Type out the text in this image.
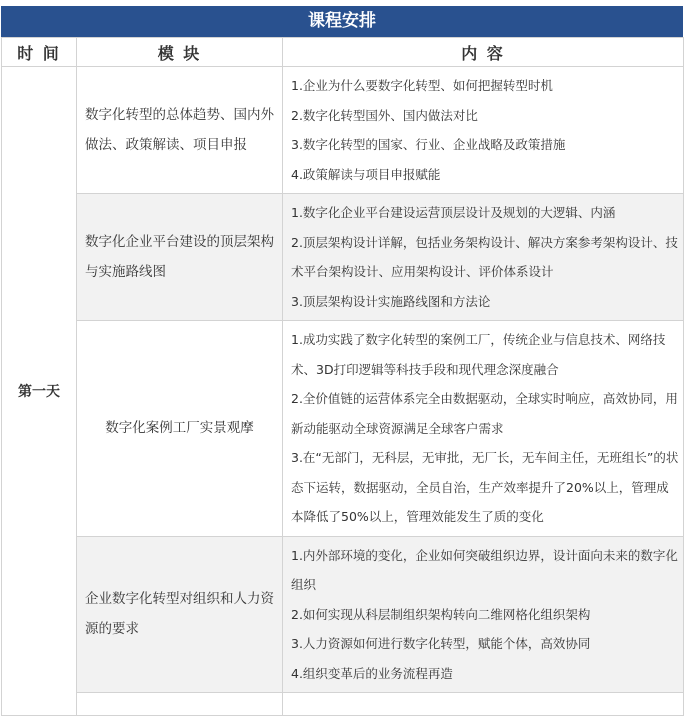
课程安排
时 间	模 块	内 容
第一天	数字化转型的总体趋势、国内外做法、政策解读、项目申报	1.企业为什么要数字化转型、如何把握转型时机

2.数字化转型国外、国内做法对比

3.数字化转型的国家、行业、企业战略及政策措施

4.政策解读与项目申报赋能

	数字化企业平台建设的顶层架构与实施路线图	1.数字化企业平台建设运营顶层设计及规划的大逻辑、内涵

2.顶层架构设计详解，包括业务架构设计、解决方案参考架构设计、技术平台架构设计、应用架构设计、评价体系设计

3.顶层架构设计实施路线图和方法论

	数字化案例工厂实景观摩	1.成功实践了数字化转型的案例工厂，传统企业与信息技术、网络技术、3D打印逻辑等科技手段和现代理念深度融合

2.全价值链的运营体系完全由数据驱动，全球实时响应，高效协同，用新动能驱动全球资源满足全球客户需求

3.在“无部门，无科层，无审批，无厂长，无车间主任，无班组长”的状态下运转，数据驱动，全员自治，生产效率提升了20%以上，管理成本降低了50%以上，管理效能发生了质的变化

	企业数字化转型对组织和人力资源的要求	1.内外部环境的变化，企业如何突破组织边界，设计面向未来的数字化组织

2.如何实现从科层制组织架构转向二维网格化组织架构

3.人力资源如何进行数字化转型，赋能个体，高效协同

4.组织变革后的业务流程再造
